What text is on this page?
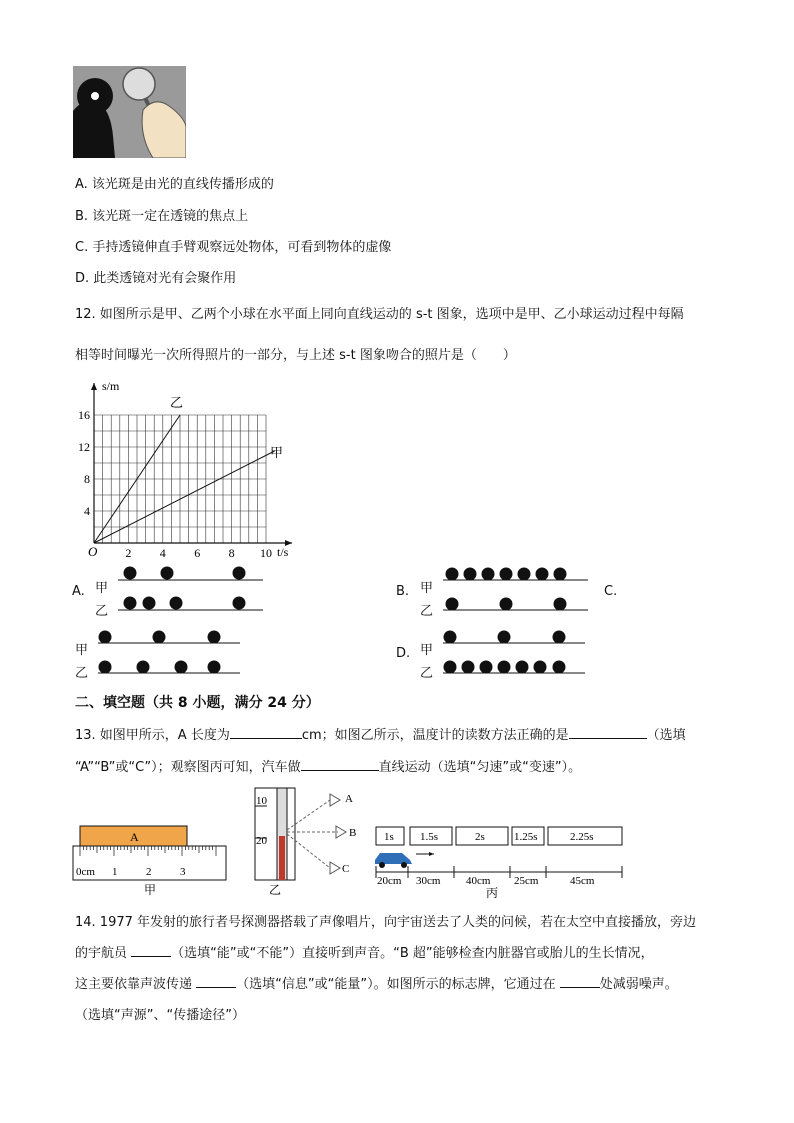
A. 该光斑是由光的直线传播形成的
B. 该光斑一定在透镜的焦点上
C. 手持透镜伸直手臂观察远处物体，可看到物体的虚像
D. 此类透镜对光有会聚作用
12. 如图所示是甲、乙两个小球在水平面上同向直线运动的 s-t 图象，选项中是甲、乙小球运动过程中每隔
相等时间曝光一次所得照片的一部分，与上述 s-t 图象吻合的照片是（　　）
s/m
t/s
O
4
8
12
16
2 4 6 8 10
乙
甲
A. 甲
乙
B. 甲
乙
C.
甲
乙
D. 甲
乙
二、填空题（共 8 小题，满分 24 分）
13. 如图甲所示，A 长度为	cm；如图乙所示，温度计的读数方法正确的是	（选填
“A”“B”或“C”）；观察图丙可知，汽车做	直线运动（选填“匀速”或“变速”）。
A
0cm 1	2	3
甲
10
20
A
B
C
乙
1s 1.5s	2s	1.25s	2.25s
20cm 30cm 40cm 25cm	45cm
丙
14. 1977 年发射的旅行者号探测器搭载了声像唱片，向宇宙送去了人类的问候，若在太空中直接播放，旁边
的宇航员	（选填“能”或“不能”）直接听到声音。“B 超”能够检查内脏器官或胎儿的生长情况，
这主要依靠声波传递	（选填“信息”或“能量”）。如图所示的标志牌，它通过在	处减弱噪声。
（选填“声源”、“传播途径”）
